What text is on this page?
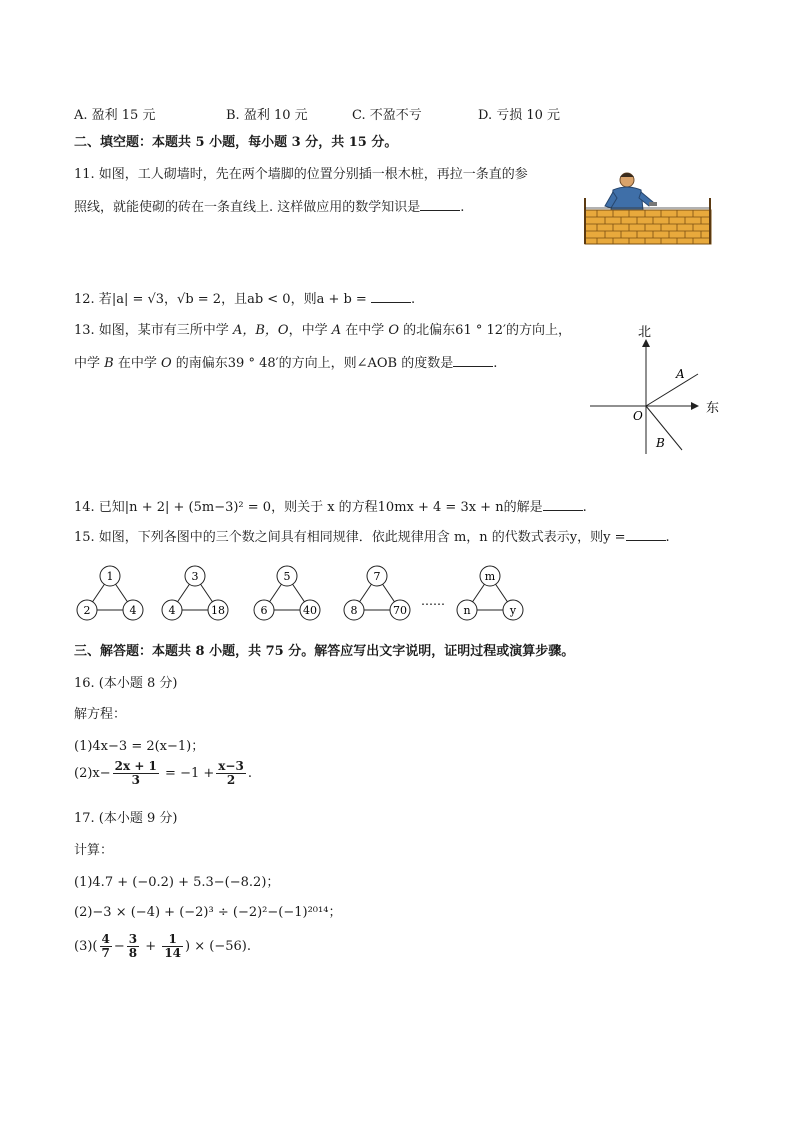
A. 盈利 15 元	B. 盈利 10 元	C. 不盈不亏	D. 亏损 10 元
二、填空题：本题共 5 小题，每小题 3 分，共 15 分。
11. 如图，工人砌墙时，先在两个墙脚的位置分别插一根木桩，再拉一条直的参
照线，就能使砌的砖在一条直线上. 这样做应用的数学知识是	.
12. 若|a| = √3，√b = 2，且ab < 0，则a + b =	.
13. 如图，某市有三所中学 A，B，O，中学 A 在中学 O 的北偏东61 ° 12′的方向上，
中学 B 在中学 O 的南偏东39 ° 48′的方向上，则∠AOB 的度数是	.
北
东
A
B
O
14. 已知|n + 2| + (5m−3)² = 0，则关于 x 的方程10mx + 4 = 3x + n的解是	.
15. 如图，下列各图中的三个数之间具有相同规律．依此规律用含 m，n 的代数式表示y，则y =	.
1
2	4
3
4	18
5
6	40
7
8	70
m
n	y
……
三、解答题：本题共 8 小题，共 75 分。解答应写出文字说明，证明过程或演算步骤。
16. (本小题 8 分)
解方程：
(1)4x−3 = 2(x−1)；
$(2)x- \frac{2x + 1}{3} = -1 + \frac{x-3}{2}$ .
17. (本小题 9 分)
计算：
(1)4.7 + (−0.2) + 5.3−(−8.2)；
(2)−3 × (−4) + (−2)³ ÷ (−2)²−(−1)²⁰¹⁴；
$(3)( \frac{4}{7} - \frac{3}{8} + \frac{1}{14}$ ) × (−56).
